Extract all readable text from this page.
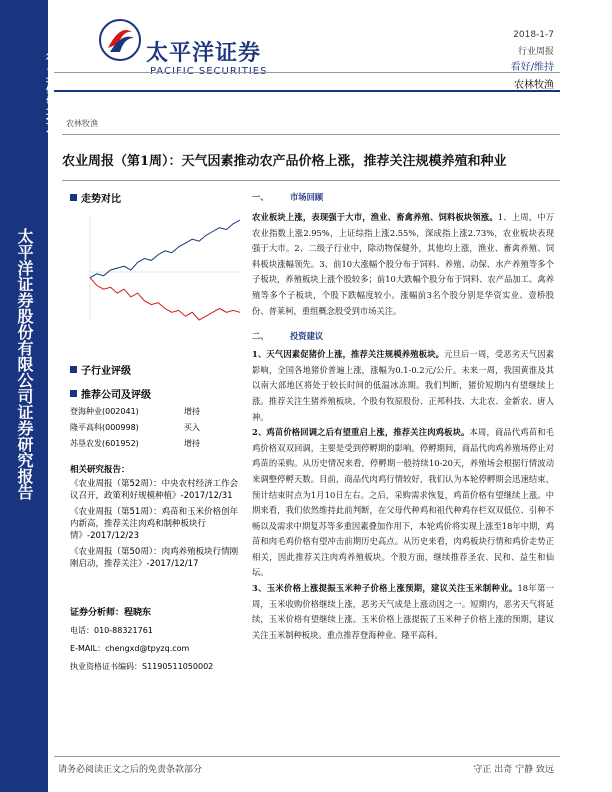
行业研究报告
太平洋证券股份有限公司证券研究报告
太平洋证券
PACIFIC SECURITIES
2018-1-7
行业周报
看好/维持
农林牧渔
农林牧渔
农业周报（第1周）：天气因素推动农产品价格上涨，推荐关注规模养殖和种业
走势对比
子行业评级
推荐公司及评级
登海种业(002041)	增持
隆平高科(000998)	买入
苏垦农发(601952)	增持
相关研究报告：
《农业周报（第52周）：中央农村经济工作会议召开，政策利好规模种植》-2017/12/31
《农业周报（第51周）：鸡苗和玉米价格创年内新高，推荐关注肉鸡和制种板块行情》-2017/12/23
《农业周报（第50周）：肉鸡养殖板块行情刚刚启动，推荐关注》-2017/12/17
证券分析师：程晓东
电话：010-88321761
E-MAIL：chengxd@tpyzq.com
执业资格证书编码：S1190511050002
一、	市场回顾

农业板块上涨，表现强于大市，渔业、畜禽养殖、饲料板块领涨。1、上周，中万农业指数上涨2.95%，上证综指上涨2.55%，深成指上涨2.73%，农业板块表现强于大市。2、二级子行业中，除动物保健外，其他均上涨，渔业、畜禽养殖、饲料板块涨幅领先。3、前10大涨幅个股分布于饲料、养殖、动保、水产养殖等多个子板块，养殖板块上涨个股较多；前10大跌幅个股分布于饲料、农产品加工、禽养殖等多个子板块，个股下跌幅度较小。涨幅前3名个股分别是华资实业、壹桥股份、普莱柯，重组概念股受到市场关注。

二、	投资建议

1、天气因素促猪价上涨，推荐关注规模养殖板块。元旦后一周，受恶劣天气因素影响，全国各地猪价普遍上涨，涨幅为0.1-0.2元/公斤。未来一周，我国黄淮及其以南大部地区将处于较长时间的低温冰冻期。我们判断，猪价短期内有望继续上涨。推荐关注生猪养殖板块，个股有牧原股份、正邦科技、大北农、金新农、唐人神。

2、鸡苗价格回调之后有望重启上涨，推荐关注肉鸡板块。本周，商品代鸡苗和毛鸡价格双双回调，主要是受到停孵期的影响。停孵期间，商品代肉鸡养殖场停止对鸡苗的采购。从历史情况来看，停孵期一般持续10-20天，养殖场会根据行情波动来调整停孵天数。目前，商品代肉鸡行情较好，我们认为本轮停孵期会迅速结束，预计结束时点为1月10日左右。之后，采购需求恢复，鸡苗价格有望继续上涨。中期来看，我们依然维持此前判断，在父母代种鸡和祖代种鸡存栏双双低位、引种不畅以及需求中期复苏等多重因素叠加作用下，本轮鸡价将实现上涨至18年中期，鸡苗和肉毛鸡价格有望冲击前期历史高点。从历史来看，肉鸡板块行情和鸡价走势正相关，因此推荐关注肉鸡养殖板块。个股方面，继续推荐圣农、民和、益生和仙坛。

3、玉米价格上涨提振玉米种子价格上涨预期，建议关注玉米制种业。18年第一周，玉米收购价格继续上涨，恶劣天气成是上涨动因之一。短期内，恶劣天气将延续，玉米价格有望继续上涨。玉米价格上涨提振了玉米种子价格上涨的预期，建议关注玉米制种板块。重点推荐登海种业、隆平高科。

请务必阅读正文之后的免责条款部分	守正 出奇 宁静 致远
